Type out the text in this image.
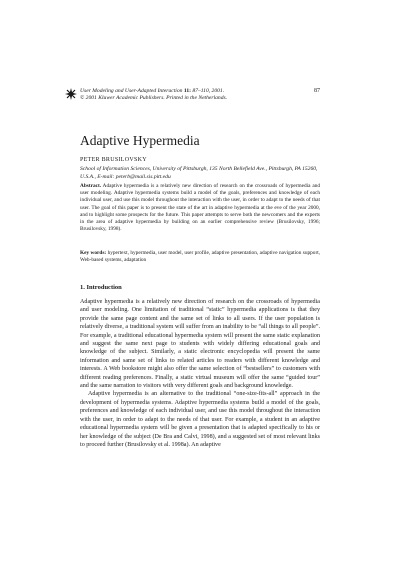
User Modeling and User-Adapted Interaction 11: 87–110, 2001.
© 2001 Kluwer Academic Publishers. Printed in the Netherlands.
87
Adaptive Hypermedia
PETER BRUSILOVSKY
School of Information Sciences, University of Pittsburgh, 135 North Bellefield Ave., Pittsburgh, PA 15260, U.S.A., E-mail: peterb@mail.sis.pitt.edu
Abstract. Adaptive hypermedia is a relatively new direction of research on the crossroads of hypermedia and user modeling. Adaptive hypermedia systems build a model of the goals, preferences and knowledge of each individual user, and use this model throughout the interaction with the user, in order to adapt to the needs of that user. The goal of this paper is to present the state of the art in adaptive hypermedia at the eve of the year 2000, and to highlight some prospects for the future. This paper attempts to serve both the newcomers and the experts in the area of adaptive hypermedia by building on an earlier comprehensive review (Brusilovsky, 1996; Brusilovsky, 1998).
Key words: hypertext, hypermedia, user model, user profile, adaptive presentation, adaptive navigation support, Web-based systems, adaptation
1. Introduction

Adaptive hypermedia is a relatively new direction of research on the crossroads of hypermedia and user modeling. One limitation of traditional “static” hypermedia applications is that they provide the same page content and the same set of links to all users. If the user population is relatively diverse, a traditional system will suffer from an inability to be “all things to all people”. For example, a traditional educational hypermedia system will present the same static explanation and suggest the same next page to students with widely differing educational goals and knowledge of the subject. Similarly, a static electronic encyclopedia will present the same information and same set of links to related articles to readers with different knowledge and interests. A Web bookstore might also offer the same selection of “bestsellers” to customers with different reading preferences. Finally, a static virtual museum will offer the same “guided tour” and the same narration to visitors with very different goals and background knowledge.

Adaptive hypermedia is an alternative to the traditional “one-size-fits-all” approach in the development of hypermedia systems. Adaptive hypermedia systems build a model of the goals, preferences and knowledge of each individual user, and use this model throughout the interaction with the user, in order to adapt to the needs of that user. For example, a student in an adaptive educational hypermedia system will be given a presentation that is adapted specifically to his or her knowledge of the subject (De Bra and Calvi, 1998), and a suggested set of most relevant links to proceed further (Brusilovsky et al. 1998a). An adaptive
